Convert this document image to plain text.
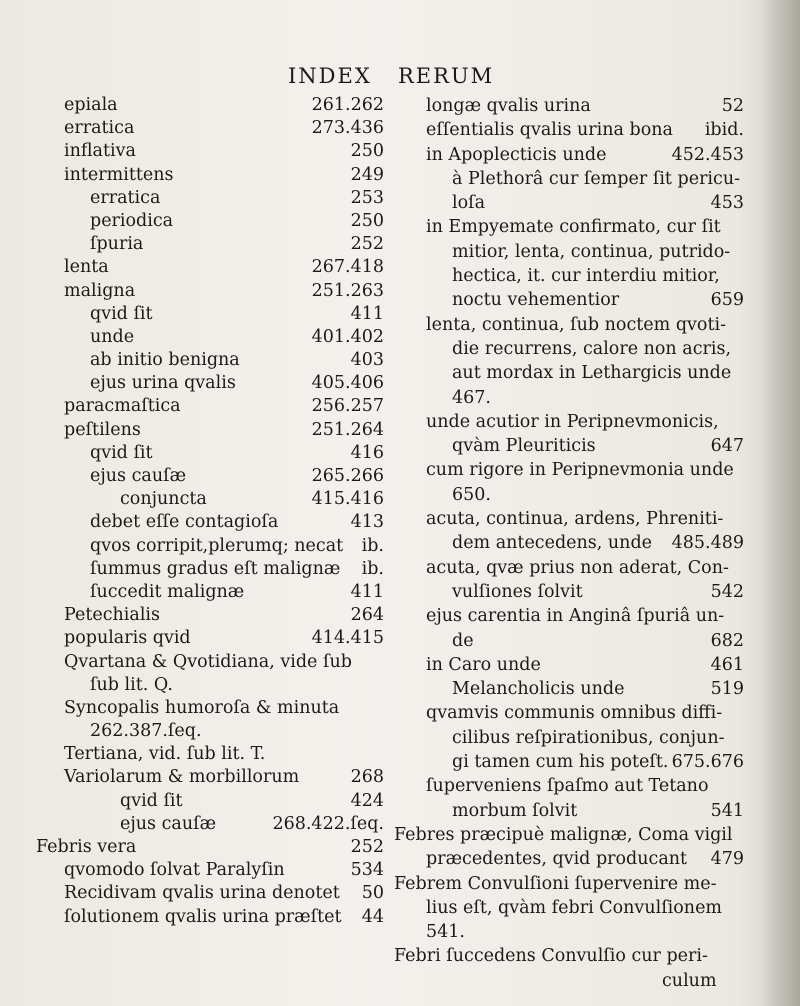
INDEX RERUM
epiala	261.262
erratica	273.436
inflativa	250
intermittens	249
erratica	253
periodica	250
ſpuria	252
lenta	267.418
maligna	251.263
qvid ſit	411
unde	401.402
ab initio benigna	403
ejus urina qvalis	405.406
paracmaſtica	256.257
peſtilens	251.264
qvid ſit	416
ejus cauſæ	265.266
conjuncta	415.416
debet eſſe contagioſa	413
qvos corripit,plerumq; necat ib.
ſummus gradus eſt malignæ ib.
ſuccedit malignæ	411
Petechialis	264
popularis qvid	414.415
Qvartana & Qvotidiana, vide ſub
ſub lit. Q.
Syncopalis humoroſa & minuta
262.387.ſeq.
Tertiana, vid. ſub lit. T.
Variolarum & morbillorum	268
qvid ſit	424
ejus cauſæ	268.422.ſeq.
Febris vera	252
qvomodo ſolvat Paralyſin	534
Recidivam qvalis urina denotet 50
ſolutionem qvalis urina præſtet 44
longæ qvalis urina	52
eſſentialis qvalis urina bona ibid.
in Apoplecticis unde	452.453
à Plethorâ cur ſemper ſit pericu-
loſa	453
in Empyemate confirmato, cur ſit
mitior, lenta, continua, putrido-
hectica, it. cur interdiu mitior,
noctu vehementior	659
lenta, continua, ſub noctem qvoti-
die recurrens, calore non acris,
aut mordax in Lethargicis unde
467.
unde acutior in Peripnevmonicis,
qvàm Pleuriticis	647
cum rigore in Peripnevmonia unde
650.
acuta, continua, ardens, Phreniti-
dem antecedens, unde 485.489
acuta, qvæ prius non aderat, Con-
vulſiones ſolvit	542
ejus carentia in Anginâ ſpuriâ un-
de	682
in Caro unde	461
Melancholicis unde	519
qvamvis communis omnibus diffi-
cilibus reſpirationibus, conjun-
gi tamen cum his poteſt. 675.676
ſuperveniens ſpaſmo aut Tetano
morbum ſolvit	541
Febres præcipuè malignæ, Coma vigil
præcedentes, qvid producant 479
Febrem Convulſioni ſupervenire me-
lius eſt, qvàm febri Convulſionem
541.
Febri ſuccedens Convulſio cur peri-
culum
